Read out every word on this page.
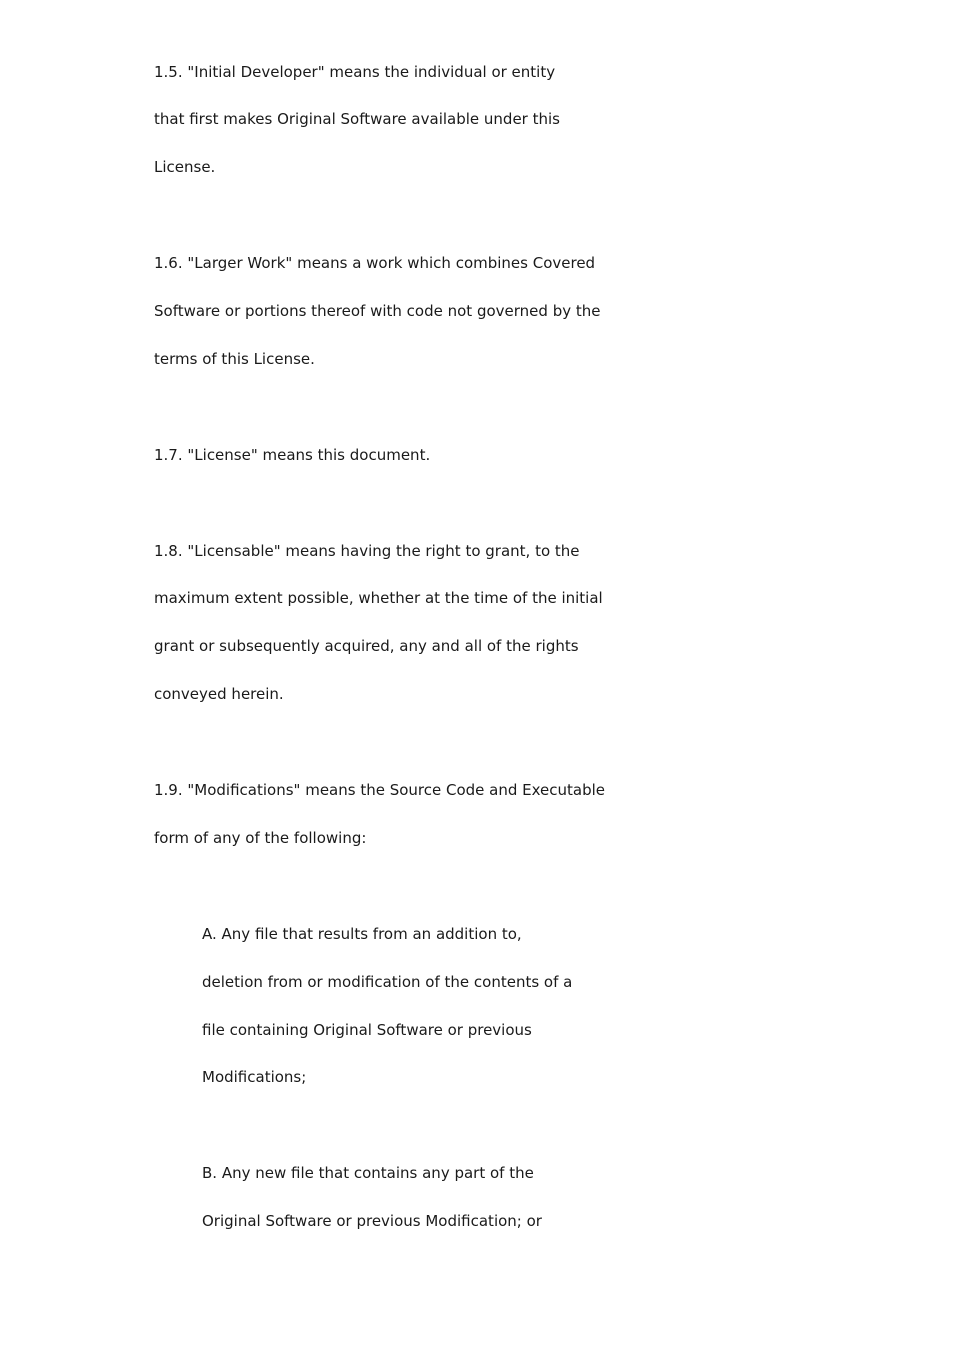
1.5. "Initial Developer" means the individual or entity
that first makes Original Software available under this
License.
1.6. "Larger Work" means a work which combines Covered
Software or portions thereof with code not governed by the
terms of this License.
1.7. "License" means this document.
1.8. "Licensable" means having the right to grant, to the
maximum extent possible, whether at the time of the initial
grant or subsequently acquired, any and all of the rights
conveyed herein.
1.9. "Modifications" means the Source Code and Executable
form of any of the following:
A. Any file that results from an addition to,
deletion from or modification of the contents of a
file containing Original Software or previous
Modifications;
B. Any new file that contains any part of the
Original Software or previous Modification; or
